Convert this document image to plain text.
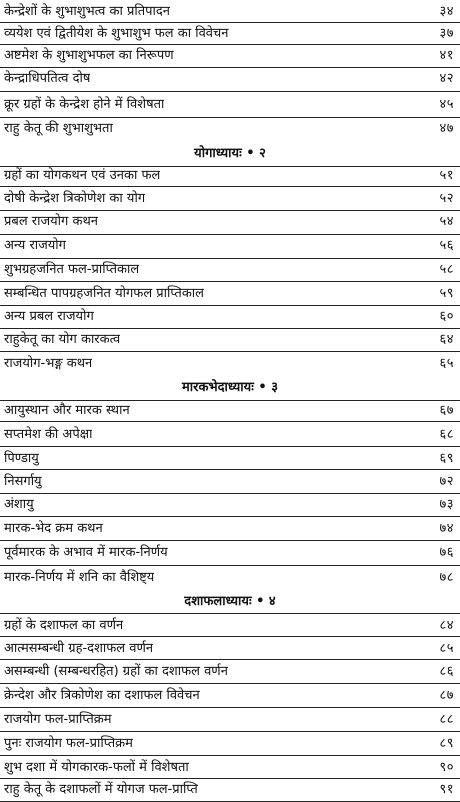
केन्द्रेशों के शुभाशुभत्व का प्रतिपादन	३४
व्ययेश एवं द्वितीयेश के शुभाशुभ फल का विवेचन	३७
अष्टमेश के शुभाशुभफल का निरूपण	४१
केन्द्राधिपतित्व दोष	४२
क्रूर ग्रहों के केन्द्रेश होने में विशेषता	४५
राहु केतू की शुभाशुभता	४७
योगाध्यायः • २
ग्रहों का योगकथन एवं उनका फल	५१
दोषी केन्द्रेश त्रिकोणेश का योग	५२
प्रबल राजयोग कथन	५४
अन्य राजयोग	५६
शुभग्रहजनित फल-प्राप्तिकाल	५८
सम्बन्धित पापग्रहजनित योगफल प्राप्तिकाल	५९
अन्य प्रबल राजयोग	६०
राहुकेतू का योग कारकत्व	६४
राजयोग-भङ्ग कथन	६५
मारकभेदाध्यायः • ३
आयुस्थान और मारक स्थान	६७
सप्तमेश की अपेक्षा	६८
पिण्डायु	६९
निसर्गायु	७२
अंशायु	७३
मारक-भेद क्रम कथन	७४
पूर्वमारक के अभाव में मारक-निर्णय	७६
मारक-निर्णय में शनि का वैशिष्ट्य	७८
दशाफलाध्यायः • ४
ग्रहों के दशाफल का वर्णन	८४
आत्मसम्बन्धी ग्रह-दशाफल वर्णन	८५
असम्बन्धी (सम्बन्धरहित) ग्रहों का दशाफल वर्णन	८६
क्रेन्देश और त्रिकोणेश का दशाफल विवेचन	८७
राजयोग फल-प्राप्तिक्रम	८८
पुनः राजयोग फल-प्राप्तिक्रम	८९
शुभ दशा में योगकारक-फलों में विशेषता	९०
राहु केतू के दशाफलों में योगज फल-प्राप्ति	९१
